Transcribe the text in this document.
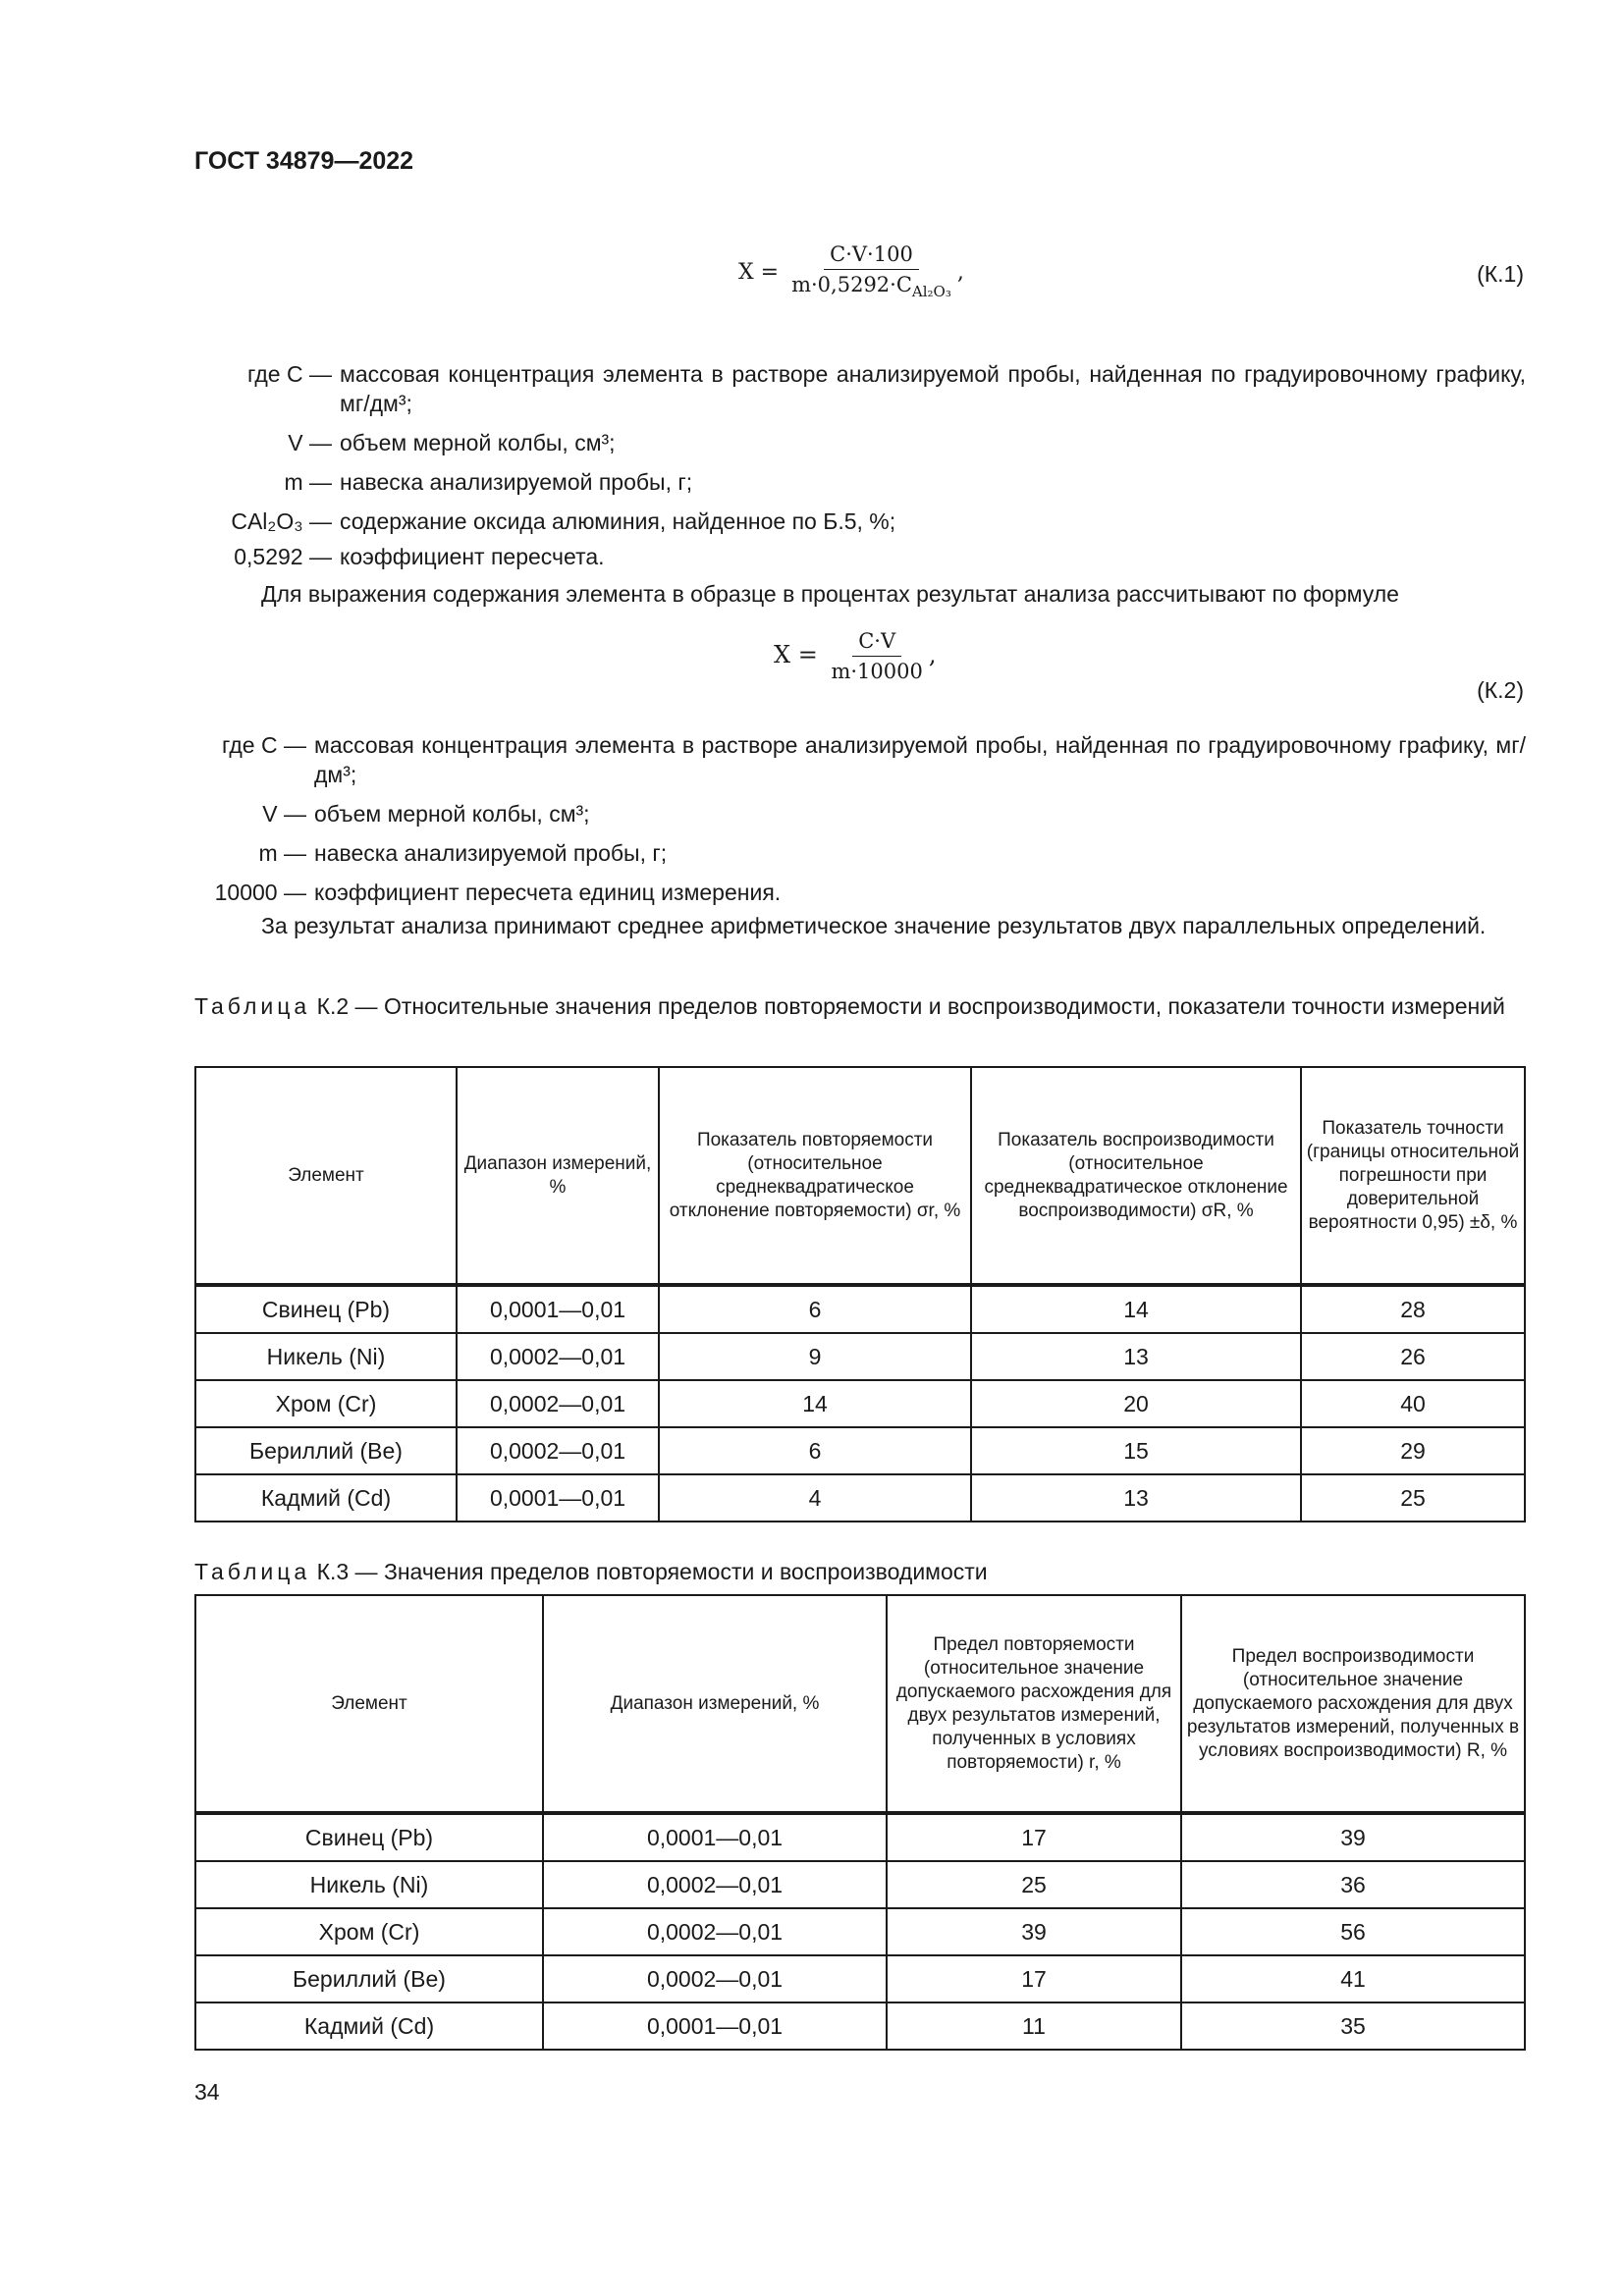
ГОСТ 34879—2022
$X = \frac{C\cdot V\cdot 100}{m\cdot 0,5292\cdot C_{Al_2O_3}}$ ,	(К.1)
где C — массовая концентрация элемента в растворе анализируемой пробы, найденная по градуировочному графику, мг/дм³;
V — объем мерной колбы, см³;
m — навеска анализируемой пробы, г;
CAl₂O₃ — содержание оксида алюминия, найденное по Б.5, %;
0,5292 — коэффициент пересчета.
Для выражения содержания элемента в образце в процентах результат анализа рассчитывают по формуле
$X = \frac{C\cdot V}{m\cdot 10000}$ ,
(К.2)
где C — массовая концентрация элемента в растворе анализируемой пробы, найденная по градуировочному графику, мг/дм³;
V — объем мерной колбы, см³;
m — навеска анализируемой пробы, г;
10000 — коэффициент пересчета единиц измерения.
За результат анализа принимают среднее арифметическое значение результатов двух параллельных определений.
Таблица К.2 — Относительные значения пределов повторяемости и воспроизводимости, показатели точности измерений
Элемент	Диапазон измерений, %	Показатель повторяемости (относительное среднеквадратическое отклонение повторяемости) σr, %	Показатель воспроизводимости (относительное среднеквадратическое отклонение воспроизводимости) σR, %	Показатель точности (границы относительной погрешности при доверительной вероятности 0,95) ±δ, %
Свинец (Pb)	0,0001—0,01	6	14	28
Никель (Ni)	0,0002—0,01	9	13	26
Хром (Cr)	0,0002—0,01	14	20	40
Бериллий (Be)	0,0002—0,01	6	15	29
Кадмий (Cd)	0,0001—0,01	4	13	25
Таблица К.3 — Значения пределов повторяемости и воспроизводимости
Элемент	Диапазон измерений, %	Предел повторяемости (относительное значение допускаемого расхождения для двух результатов измерений, полученных в условиях повторяемости) r, %	Предел воспроизводимости (относительное значение допускаемого расхождения для двух результатов измерений, полученных в условиях воспроизводимости) R, %
Свинец (Pb)	0,0001—0,01	17	39
Никель (Ni)	0,0002—0,01	25	36
Хром (Cr)	0,0002—0,01	39	56
Бериллий (Be)	0,0002—0,01	17	41
Кадмий (Cd)	0,0001—0,01	11	35
34
